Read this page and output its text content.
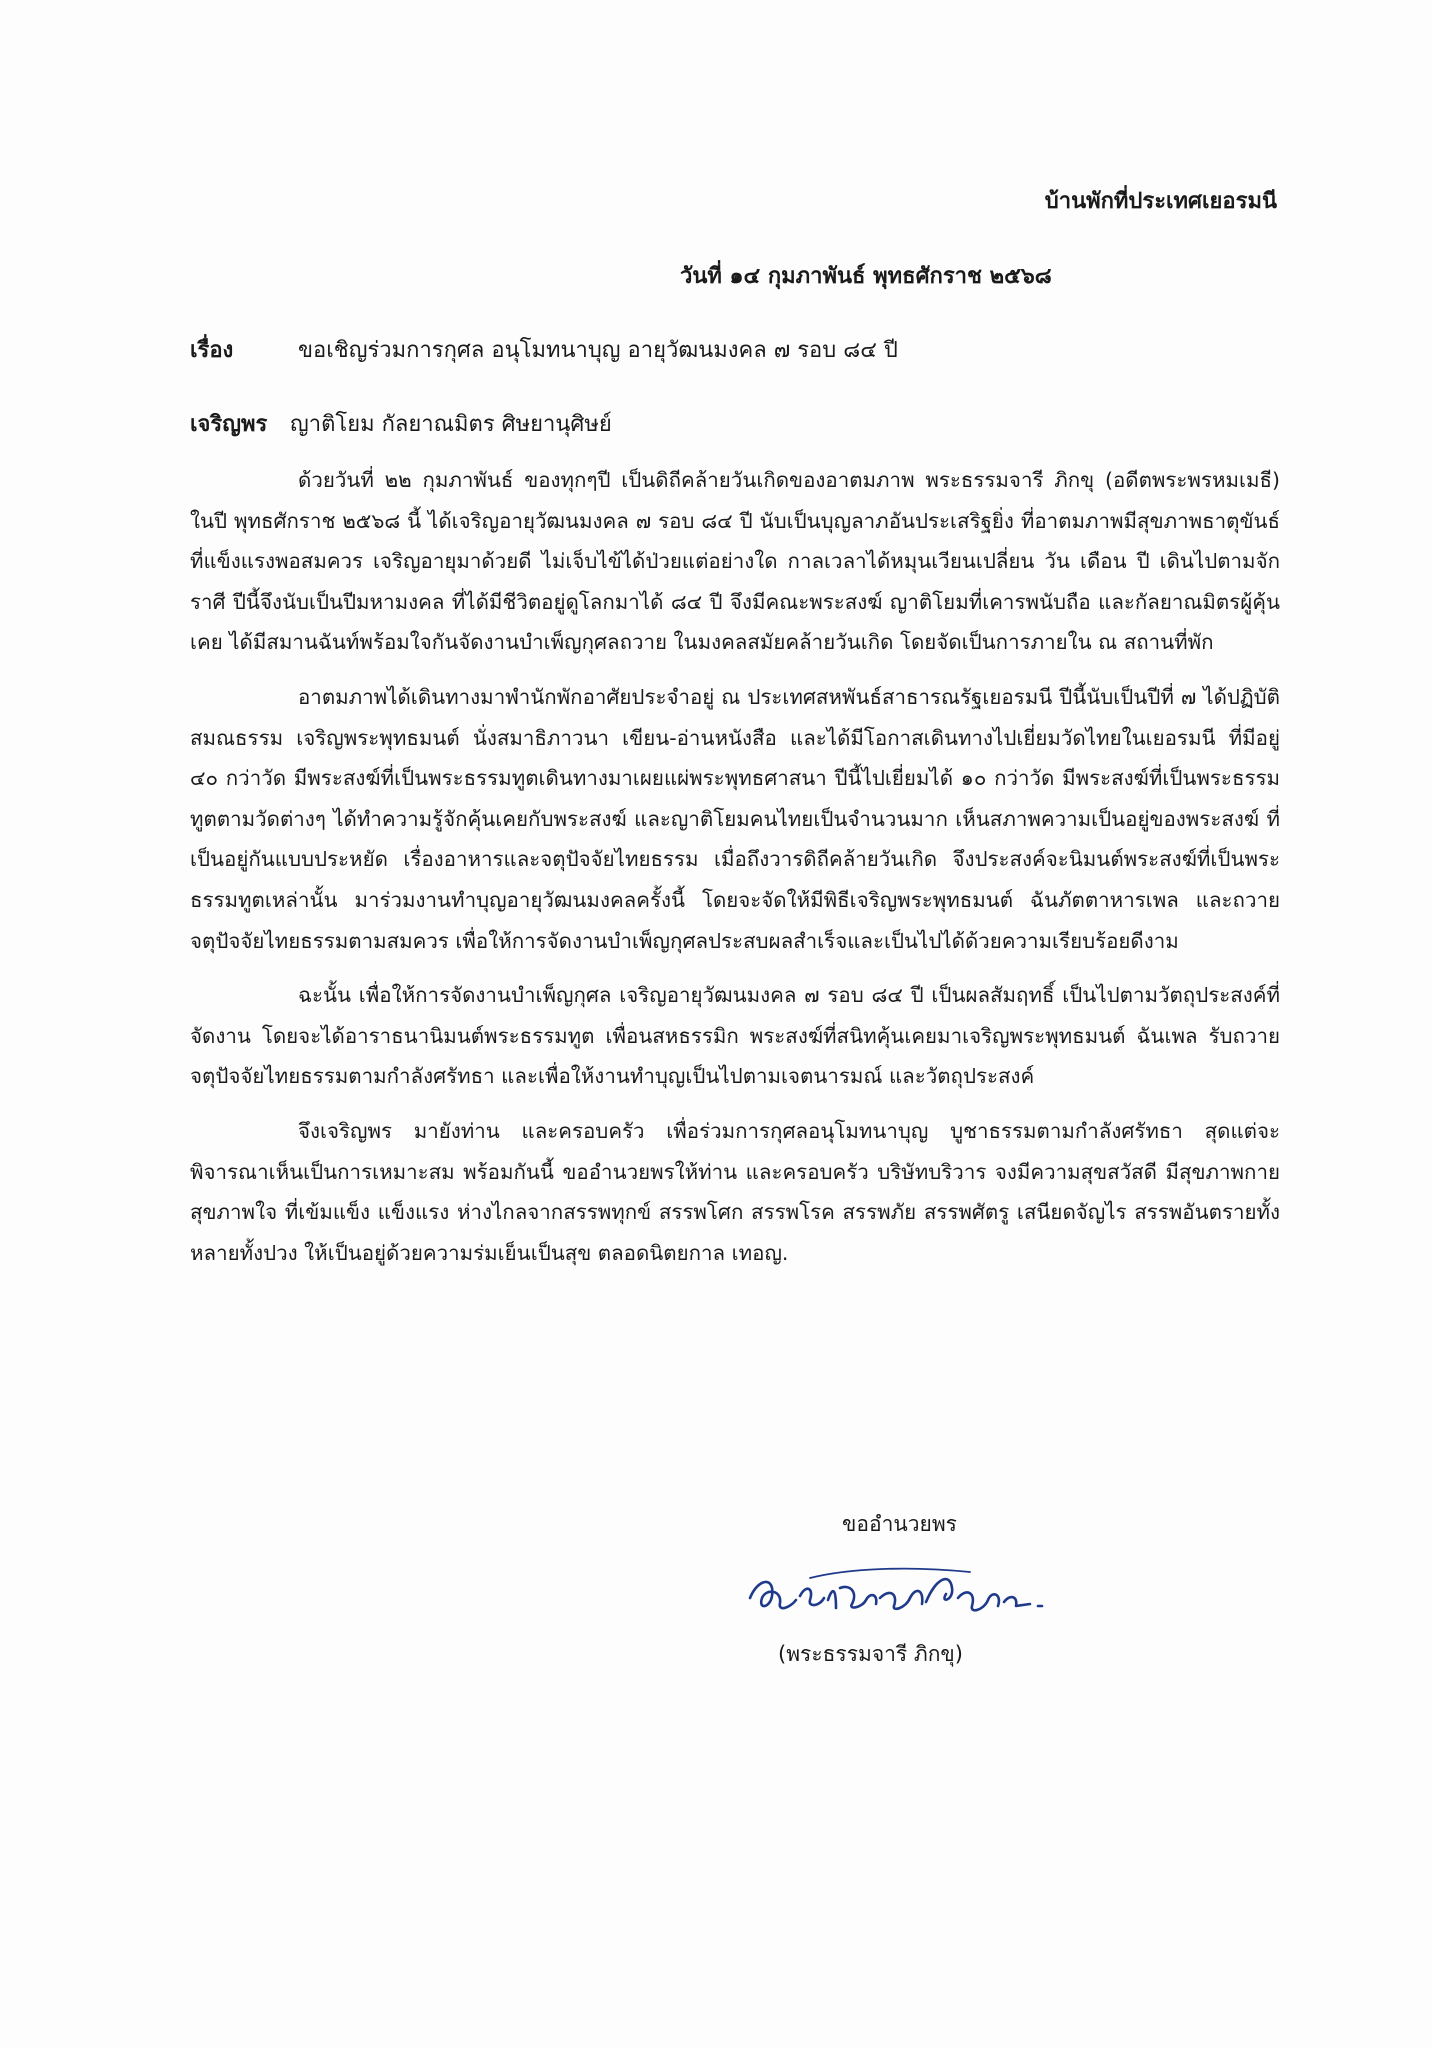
บ้านพักที่ประเทศเยอรมนี
วันที่ ๑๔ กุมภาพันธ์ พุทธศักราช ๒๕๖๘
เรื่อง	ขอเชิญร่วมการกุศล อนุโมทนาบุญ อายุวัฒนมงคล ๗ รอบ ๘๔ ปี
เจริญพร ญาติโยม กัลยาณมิตร ศิษยานุศิษย์

ด้วยวันที่ ๒๒ กุมภาพันธ์ ของทุกๆปี เป็นดิถีคล้ายวันเกิดของอาตมภาพ พระธรรมจารี ภิกขุ (อดีตพระพรหมเมธี) ในปี พุทธศักราช ๒๕๖๘ นี้ ได้เจริญอายุวัฒนมงคล ๗ รอบ ๘๔ ปี นับเป็นบุญลาภอันประเสริฐยิ่ง ที่อาตมภาพมีสุขภาพธาตุขันธ์ที่แข็งแรงพอสมควร เจริญอายุมาด้วยดี ไม่เจ็บไข้ได้ป่วยแต่อย่างใด กาลเวลาได้หมุนเวียนเปลี่ยน วัน เดือน ปี เดินไปตามจักราศี ปีนี้จึงนับเป็นปีมหามงคล ที่ได้มีชีวิตอยู่ดูโลกมาได้ ๘๔ ปี จึงมีคณะพระสงฆ์ ญาติโยมที่เคารพนับถือ และกัลยาณมิตรผู้คุ้นเคย ได้มีสมานฉันท์พร้อมใจกันจัดงานบำเพ็ญกุศลถวาย ในมงคลสมัยคล้ายวันเกิด โดยจัดเป็นการภายใน ณ สถานที่พัก

อาตมภาพได้เดินทางมาพำนักพักอาศัยประจำอยู่ ณ ประเทศสหพันธ์สาธารณรัฐเยอรมนี ปีนี้นับเป็นปีที่ ๗ ได้ปฏิบัติสมณธรรม เจริญพระพุทธมนต์ นั่งสมาธิภาวนา เขียน-อ่านหนังสือ และได้มีโอกาสเดินทางไปเยี่ยมวัดไทยในเยอรมนี ที่มีอยู่ ๔๐ กว่าวัด มีพระสงฆ์ที่เป็นพระธรรมทูตเดินทางมาเผยแผ่พระพุทธศาสนา ปีนี้ไปเยี่ยมได้ ๑๐ กว่าวัด มีพระสงฆ์ที่เป็นพระธรรมทูตตามวัดต่างๆ ได้ทำความรู้จักคุ้นเคยกับพระสงฆ์ และญาติโยมคนไทยเป็นจำนวนมาก เห็นสภาพความเป็นอยู่ของพระสงฆ์ ที่เป็นอยู่กันแบบประหยัด เรื่องอาหารและจตุปัจจัยไทยธรรม เมื่อถึงวารดิถีคล้ายวันเกิด จึงประสงค์จะนิมนต์พระสงฆ์ที่เป็นพระธรรมทูตเหล่านั้น มาร่วมงานทำบุญอายุวัฒนมงคลครั้งนี้ โดยจะจัดให้มีพิธีเจริญพระพุทธมนต์ ฉันภัตตาหารเพล และถวายจตุปัจจัยไทยธรรมตามสมควร เพื่อให้การจัดงานบำเพ็ญกุศลประสบผลสำเร็จและเป็นไปได้ด้วยความเรียบร้อยดีงาม

ฉะนั้น เพื่อให้การจัดงานบำเพ็ญกุศล เจริญอายุวัฒนมงคล ๗ รอบ ๘๔ ปี เป็นผลสัมฤทธิ์ เป็นไปตามวัตถุประสงค์ที่จัดงาน โดยจะได้อาราธนานิมนต์พระธรรมทูต เพื่อนสหธรรมิก พระสงฆ์ที่สนิทคุ้นเคยมาเจริญพระพุทธมนต์ ฉันเพล รับถวายจตุปัจจัยไทยธรรมตามกำลังศรัทธา และเพื่อให้งานทำบุญเป็นไปตามเจตนารมณ์ และวัตถุประสงค์

จึงเจริญพร มายังท่าน และครอบครัว เพื่อร่วมการกุศลอนุโมทนาบุญ บูชาธรรมตามกำลังศรัทธา สุดแต่จะพิจารณาเห็นเป็นการเหมาะสม พร้อมกันนี้ ขออำนวยพรให้ท่าน และครอบครัว บริษัทบริวาร จงมีความสุขสวัสดี มีสุขภาพกาย สุขภาพใจ ที่เข้มแข็ง แข็งแรง ห่างไกลจากสรรพทุกข์ สรรพโศก สรรพโรค สรรพภัย สรรพศัตรู เสนียดจัญไร สรรพอันตรายทั้งหลายทั้งปวง ให้เป็นอยู่ด้วยความร่มเย็นเป็นสุข ตลอดนิตยกาล เทอญ.

ขออำนวยพร
(พระธรรมจารี ภิกขุ)
